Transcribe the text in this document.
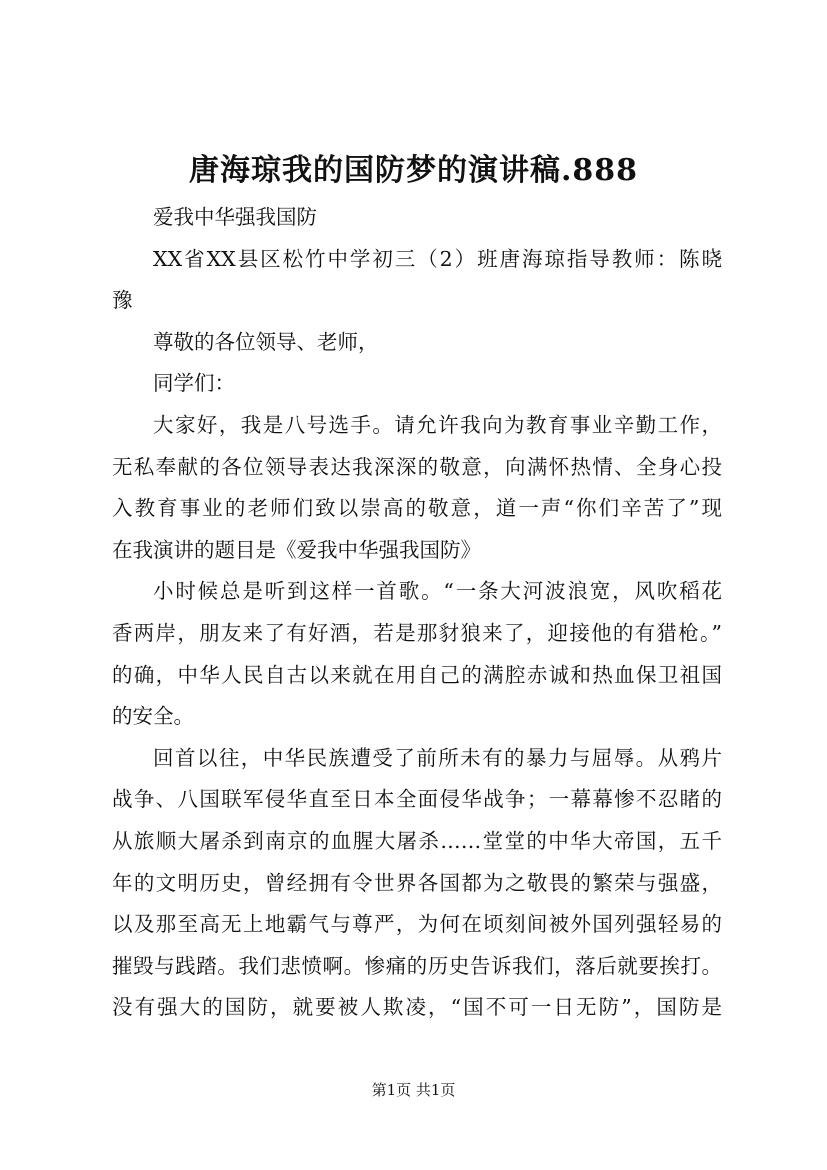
唐海琼我的国防梦的演讲稿.888
爱我中华强我国防
XX省XX县区松竹中学初三（2）班唐海琼指导教师：陈晓
豫
尊敬的各位领导、老师，
同学们：
大家好，我是八号选手。请允许我向为教育事业辛勤工作，
无私奉献的各位领导表达我深深的敬意，向满怀热情、全身心投
入教育事业的老师们致以崇高的敬意，道一声“你们辛苦了”现
在我演讲的题目是《爱我中华强我国防》
小时候总是听到这样一首歌。“一条大河波浪宽，风吹稻花
香两岸，朋友来了有好酒，若是那豺狼来了，迎接他的有猎枪。”
的确，中华人民自古以来就在用自己的满腔赤诚和热血保卫祖国
的安全。
回首以往，中华民族遭受了前所未有的暴力与屈辱。从鸦片
战争、八国联军侵华直至日本全面侵华战争；一幕幕惨不忍睹的
从旅顺大屠杀到南京的血腥大屠杀……堂堂的中华大帝国，五千
年的文明历史，曾经拥有令世界各国都为之敬畏的繁荣与强盛，
以及那至高无上地霸气与尊严，为何在顷刻间被外国列强轻易的
摧毁与践踏。我们悲愤啊。惨痛的历史告诉我们，落后就要挨打。
没有强大的国防，就要被人欺凌，“国不可一日无防”，国防是
第1页 共1页
